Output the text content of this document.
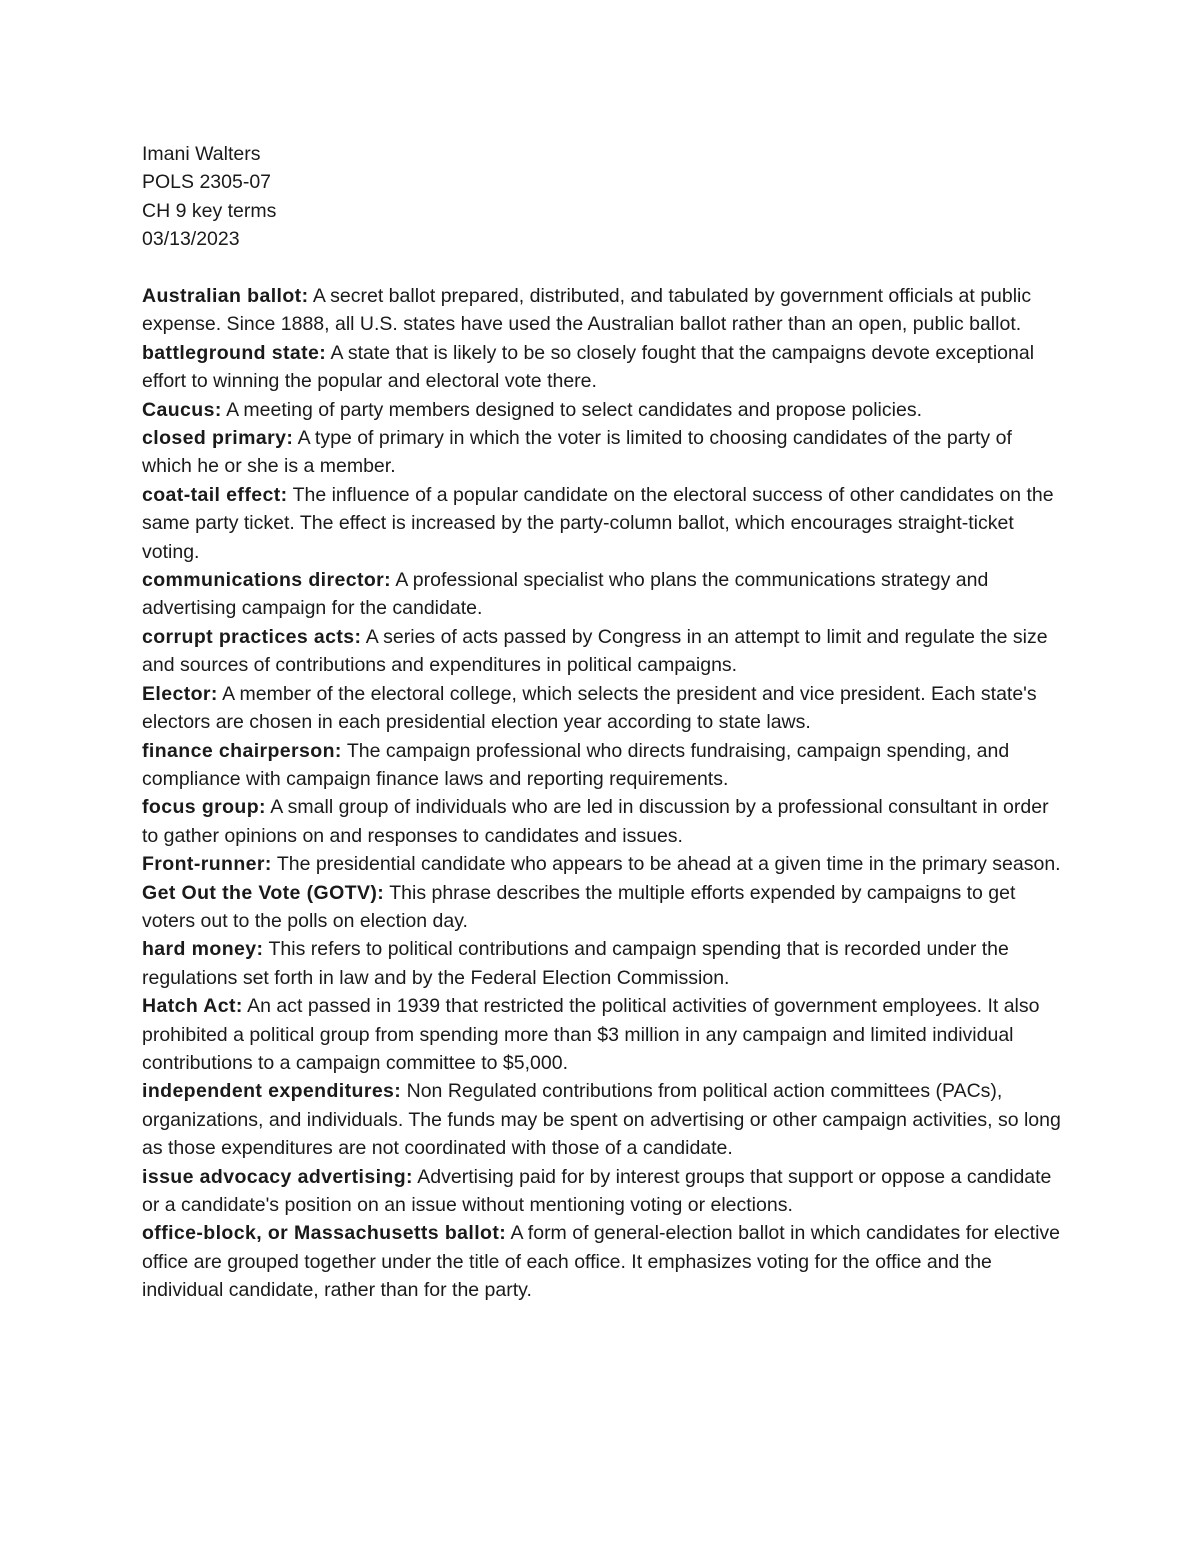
Imani Walters
POLS 2305-07
CH 9 key terms
03/13/2023

Australian ballot: A secret ballot prepared, distributed, and tabulated by government officials at public expense. Since 1888, all U.S. states have used the Australian ballot rather than an open, public ballot.

battleground state: A state that is likely to be so closely fought that the campaigns devote exceptional effort to winning the popular and electoral vote there.

Caucus: A meeting of party members designed to select candidates and propose policies.

closed primary: A type of primary in which the voter is limited to choosing candidates of the party of which he or she is a member.

coat-tail effect: The influence of a popular candidate on the electoral success of other candidates on the same party ticket. The effect is increased by the party-column ballot, which encourages straight-ticket voting.

communications director: A professional specialist who plans the communications strategy and advertising campaign for the candidate.

corrupt practices acts: A series of acts passed by Congress in an attempt to limit and regulate the size and sources of contributions and expenditures in political campaigns.

Elector: A member of the electoral college, which selects the president and vice president. Each state's electors are chosen in each presidential election year according to state laws.

finance chairperson: The campaign professional who directs fundraising, campaign spending, and compliance with campaign finance laws and reporting requirements.

focus group: A small group of individuals who are led in discussion by a professional consultant in order to gather opinions on and responses to candidates and issues.

Front-runner: The presidential candidate who appears to be ahead at a given time in the primary season.

Get Out the Vote (GOTV): This phrase describes the multiple efforts expended by campaigns to get voters out to the polls on election day.

hard money: This refers to political contributions and campaign spending that is recorded under the regulations set forth in law and by the Federal Election Commission.

Hatch Act: An act passed in 1939 that restricted the political activities of government employees. It also prohibited a political group from spending more than $3 million in any campaign and limited individual contributions to a campaign committee to $5,000.

independent expenditures: Non Regulated contributions from political action committees (PACs), organizations, and individuals. The funds may be spent on advertising or other campaign activities, so long as those expenditures are not coordinated with those of a candidate.

issue advocacy advertising: Advertising paid for by interest groups that support or oppose a candidate or a candidate's position on an issue without mentioning voting or elections.

office-block, or Massachusetts ballot: A form of general-election ballot in which candidates for elective office are grouped together under the title of each office. It emphasizes voting for the office and the individual candidate, rather than for the party.
